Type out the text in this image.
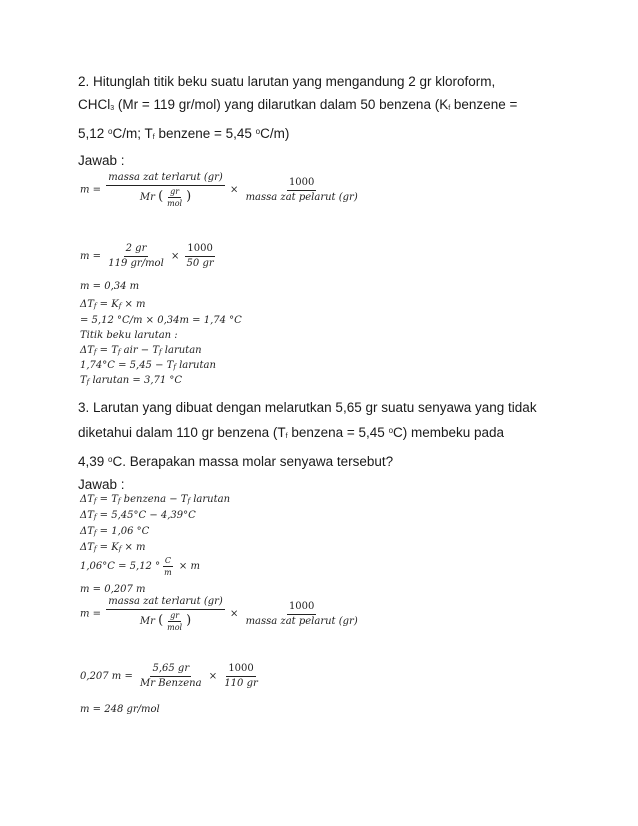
2. Hitunglah titik beku suatu larutan yang mengandung 2 gr kloroform,

CHCl3 (Mr = 119 gr/mol) yang dilarutkan dalam 50 benzena (Kf benzene =

5,12 $^o$C/m; Tf benzene = 5,45 $^o$C/m)

Jawab :

$m = \frac{\text{massa zat terlarut (gr)}}{Mr ( \frac{gr}{\text{mol}} )} \times \frac{1000}{\text{massa zat pelarut (gr)}}$
$m = \frac{2 gr}{\text{119 gr/mol}} \times \frac{1000}{50 gr}$
m = 0,34 m
ΔTf = Kf × m
= 5,12 °C/m × 0,34m = 1,74 °C
Titik beku larutan :
ΔTf = Tf air − Tf larutan
1,74°C = 5,45 − Tf larutan
Tf larutan = 3,71 °C

3. Larutan yang dibuat dengan melarutkan 5,65 gr suatu senyawa yang tidak

diketahui dalam 110 gr benzena (Tf benzena = 5,45 $^o$C) membeku pada

4,39 $^o$C. Berapakan massa molar senyawa tersebut?

Jawab :

ΔTf = Tf benzena − Tf larutan
ΔTf = 5,45°C − 4,39°C
ΔTf = 1,06 °C
ΔTf = Kf × m
1,06°C = 5,12 ° $\frac{C}{m} \times m$
m = 0,207 m
$m = \frac{\text{massa zat terlarut (gr)}}{Mr ( \frac{gr}{\text{mol}} )} \times \frac{1000}{\text{massa zat pelarut (gr)}}$
0,207 $m = \frac{5,65 gr}{\text{Mr Benzena}} \times \frac{1000}{110 gr}$
m = 248 gr/mol
